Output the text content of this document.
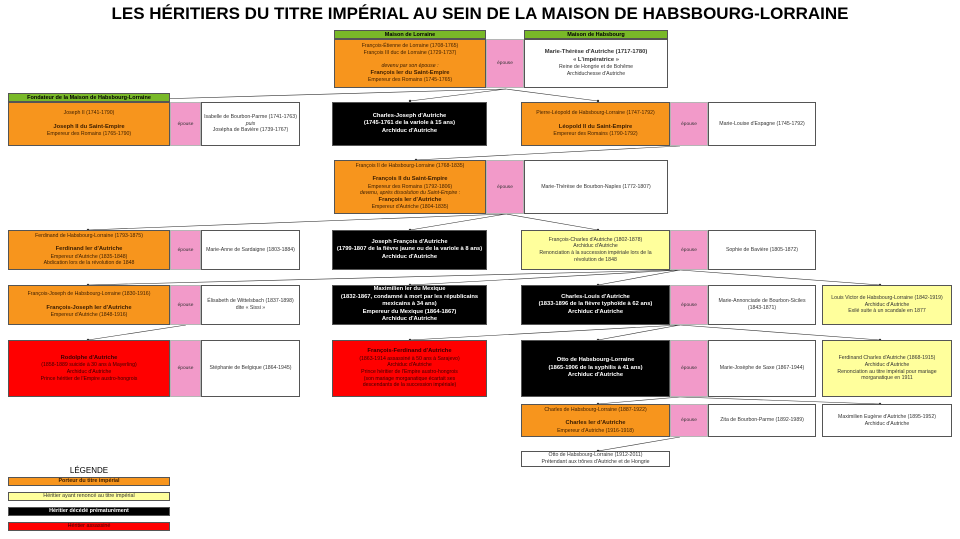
LES HÉRITIERS DU TITRE IMPÉRIAL AU SEIN DE LA MAISON DE HABSBOURG-LORRAINE
Maison de Lorraine	Maison de Habsbourg
François-Étienne de Lorraine (1708-1765)
François III duc de Lorraine (1729-1737)

devenu par son épouse :
François Ier du Saint-Empire
Empereur des Romains (1745-1765)
épouse
Marie-Thérèse d'Autriche (1717-1780)
« L'impératrice »
Reine de Hongrie et de Bohême
Archiduchesse d'Autriche
Fondateur de la Maison de Habsbourg-Lorraine
Joseph II (1741-1790)

Joseph II du Saint-Empire
Empereur des Romains (1765-1790)
épouse
Isabelle de Bourbon-Parme (1741-1763)
puis
Josépha de Bavière (1739-1767)
Charles-Joseph d'Autriche
(1745-1761 de la variole à 15 ans)
Archiduc d'Autriche
Pierre-Léopold de Habsbourg-Lorraine (1747-1792)

Léopold II du Saint-Empire
Empereur des Romains (1790-1792)
épouse	Marie-Louise d'Espagne (1745-1792)
François II de Habsbourg-Lorraine (1768-1835)

François II du Saint-Empire
Empereur des Romains (1792-1806)
devenu, après dissolution du Saint-Empire :
François Ier d'Autriche
Empereur d'Autriche (1804-1835)
épouse	Marie-Thérèse de Bourbon-Naples (1772-1807)
Ferdinand de Habsbourg-Lorraine (1793-1875)

Ferdinand Ier d'Autriche
Empereur d'Autriche (1835-1848)
Abdication lors de la révolution de 1848
épouse	Marie-Anne de Sardaigne (1803-1884)
Joseph François d'Autriche
(1799-1807 de la fièvre jaune ou de la variole à 8 ans)
Archiduc d'Autriche
François-Charles d'Autriche (1802-1878)
Archiduc d'Autriche
Renonciation à la succession impériale lors de la
révolution de 1848
épouse	Sophie de Bavière (1805-1872)
François-Joseph de Habsbourg-Lorraine (1830-1916)

François-Joseph Ier d'Autriche
Empereur d'Autriche (1848-1916)
épouse
Élisabeth de Wittelsbach (1837-1898)
dite « Sissi »
Maximilien Ier du Mexique
(1832-1867, condamné à mort par les républicains
mexicains à 34 ans)
Empereur du Mexique (1864-1867)
Archiduc d'Autriche
Charles-Louis d'Autriche
(1833-1896 de la fièvre typhoïde à 62 ans)
Archiduc d'Autriche
épouse
Marie-Annonciade de Bourbon-Siciles
(1843-1871)
Louis Victor de Habsbourg-Lorraine (1842-1919)
Archiduc d'Autriche
Exilé suite à un scandale en 1877
Rodolphe d'Autriche
(1858-1889 suicide à 30 ans à Mayerling)
Archiduc d'Autriche
Prince héritier de l'Empire austro-hongrois
épouse	Stéphanie de Belgique (1864-1945)
François-Ferdinand d'Autriche
(1863-1914 assassiné à 50 ans à Sarajevo)
Archiduc d'Autriche
Prince héritier de l'Empire austro-hongrois
(son mariage morganatique écartait ses
descendants de la succession impériale)
Otto de Habsbourg-Lorraine
(1865-1906 de la syphilis à 41 ans)
Archiduc d'Autriche
épouse	Marie-Josèphe de Saxe (1867-1944)
Ferdinand Charles d'Autriche (1868-1915)
Archiduc d'Autriche
Renonciation au titre impérial pour mariage
morganatique en 1911
Charles de Habsbourg-Lorraine (1887-1922)

Charles Ier d'Autriche
Empereur d'Autriche (1916-1918)
épouse	Zita de Bourbon-Parme (1892-1989)
Maximilien Eugène d'Autriche (1895-1952)
Archiduc d'Autriche
Otto de Habsbourg-Lorraine (1912-2011)
Prétendant aux trônes d'Autriche et de Hongrie
LÉGENDE
Porteur du titre impérial
Héritier ayant renoncé au titre impérial
Héritier décédé prématurément
Héritier assassiné
